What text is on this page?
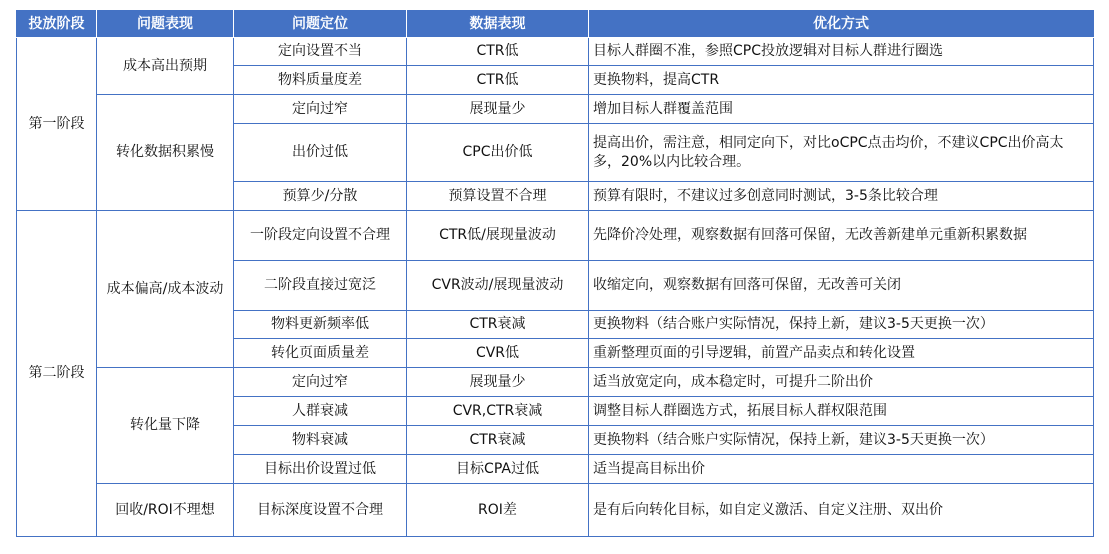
投放阶段	问题表现	问题定位	数据表现	优化方式
第一阶段	成本高出预期	定向设置不当	CTR低	目标人群圈不准，参照CPC投放逻辑对目标人群进行圈选
		物料质量度差	CTR低	更换物料，提高CTR
	转化数据积累慢	定向过窄	展现量少	增加目标人群覆盖范围
		出价过低	CPC出价低	提高出价，需注意，相同定向下，对比oCPC点击均价，不建议CPC出价高太多，20%以内比较合理。
		预算少/分散	预算设置不合理	预算有限时，不建议过多创意同时测试，3-5条比较合理
第二阶段	成本偏高/成本波动	一阶段定向设置不合理	CTR低/展现量波动	先降价冷处理，观察数据有回落可保留，无改善新建单元重新积累数据
		二阶段直接过宽泛	CVR波动/展现量波动	收缩定向，观察数据有回落可保留，无改善可关闭
		物料更新频率低	CTR衰减	更换物料（结合账户实际情况，保持上新，建议3-5天更换一次）
		转化页面质量差	CVR低	重新整理页面的引导逻辑，前置产品卖点和转化设置
	转化量下降	定向过窄	展现量少	适当放宽定向，成本稳定时，可提升二阶出价
		人群衰减	CVR,CTR衰减	调整目标人群圈选方式，拓展目标人群权限范围
		物料衰减	CTR衰减	更换物料（结合账户实际情况，保持上新，建议3-5天更换一次）
		目标出价设置过低	目标CPA过低	适当提高目标出价
	回收/ROI不理想	目标深度设置不合理	ROI差	是有后向转化目标，如自定义激活、自定义注册、双出价
